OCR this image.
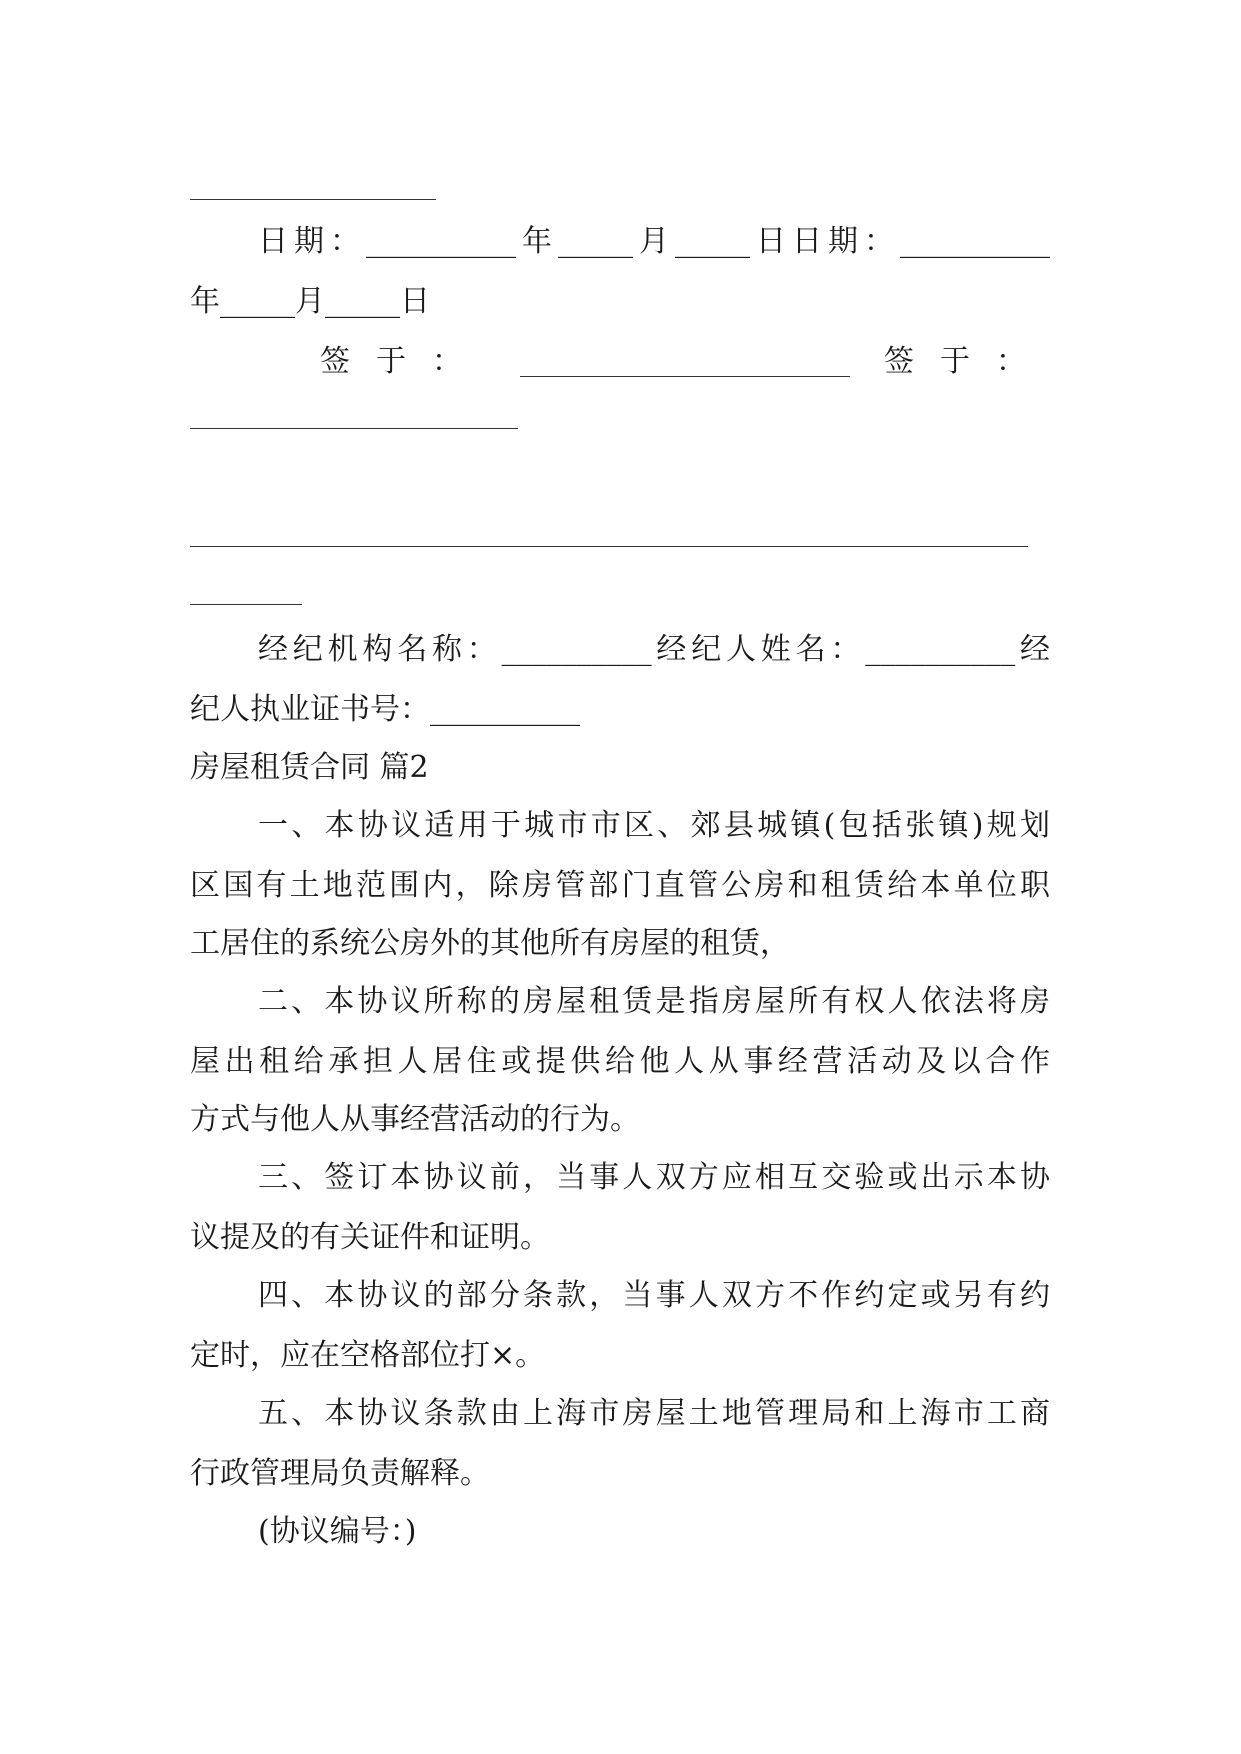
日期：__________年_____月_____日日期：__________
年_____月_____日
签于：	签于：
经纪机构名称：__________经纪人姓名：__________经
纪人执业证书号：__________
房屋租赁合同 篇2
一、本协议适用于城市市区、郊县城镇(包括张镇)规划
区国有土地范围内，除房管部门直管公房和租赁给本单位职
工居住的系统公房外的其他所有房屋的租赁，
二、本协议所称的房屋租赁是指房屋所有权人依法将房
屋出租给承担人居住或提供给他人从事经营活动及以合作
方式与他人从事经营活动的行为。
三、签订本协议前，当事人双方应相互交验或出示本协
议提及的有关证件和证明。
四、本协议的部分条款，当事人双方不作约定或另有约
定时，应在空格部位打×。
五、本协议条款由上海市房屋土地管理局和上海市工商
行政管理局负责解释。
(协议编号：)
